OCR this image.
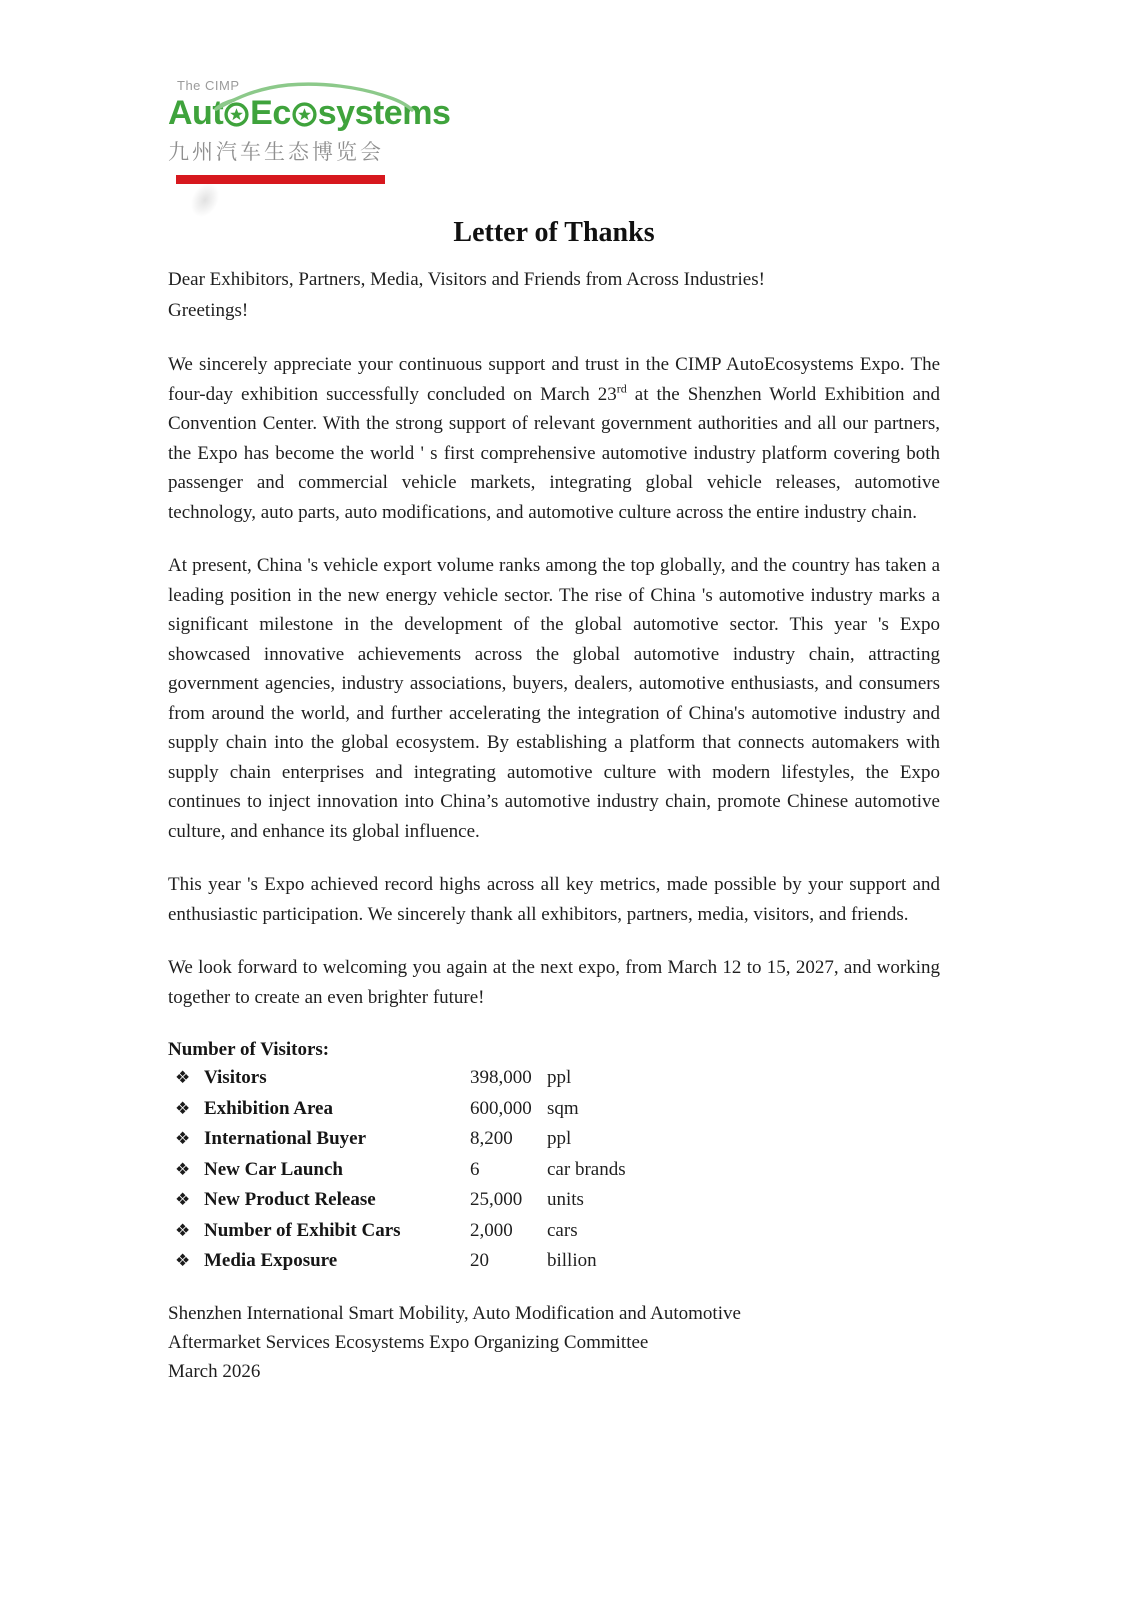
The CIMP
Aut Ec systems
九州汽车生态博览会
Letter of Thanks
Dear Exhibitors, Partners, Media, Visitors and Friends from Across Industries!
Greetings!

We sincerely appreciate your continuous support and trust in the CIMP AutoEcosystems Expo. The four-day exhibition successfully concluded on March 23rd at the Shenzhen World Exhibition and Convention Center. With the strong support of relevant government authorities and all our partners, the Expo has become the world ' s first comprehensive automotive industry platform covering both passenger and commercial vehicle markets, integrating global vehicle releases, automotive technology, auto parts, auto modifications, and automotive culture across the entire industry chain.

At present, China 's vehicle export volume ranks among the top globally, and the country has taken a leading position in the new energy vehicle sector. The rise of China 's automotive industry marks a significant milestone in the development of the global automotive sector. This year 's Expo showcased innovative achievements across the global automotive industry chain, attracting government agencies, industry associations, buyers, dealers, automotive enthusiasts, and consumers from around the world, and further accelerating the integration of China's automotive industry and supply chain into the global ecosystem. By establishing a platform that connects automakers with supply chain enterprises and integrating automotive culture with modern lifestyles, the Expo continues to inject innovation into China’s automotive industry chain, promote Chinese automotive culture, and enhance its global influence.

This year 's Expo achieved record highs across all key metrics, made possible by your support and enthusiastic participation. We sincerely thank all exhibitors, partners, media, visitors, and friends.

We look forward to welcoming you again at the next expo, from March 12 to 15, 2027, and working together to create an even brighter future!

Number of Visitors:
❖ Visitors	398,000 ppl
❖ Exhibition Area	600,000 sqm
❖ International Buyer	8,200	ppl
❖ New Car Launch	6	car brands
❖ New Product Release	25,000	units
❖ Number of Exhibit Cars	2,000	cars
❖ Media Exposure	20	billion
Shenzhen International Smart Mobility, Auto Modification and Automotive
Aftermarket Services Ecosystems Expo Organizing Committee
March 2026
